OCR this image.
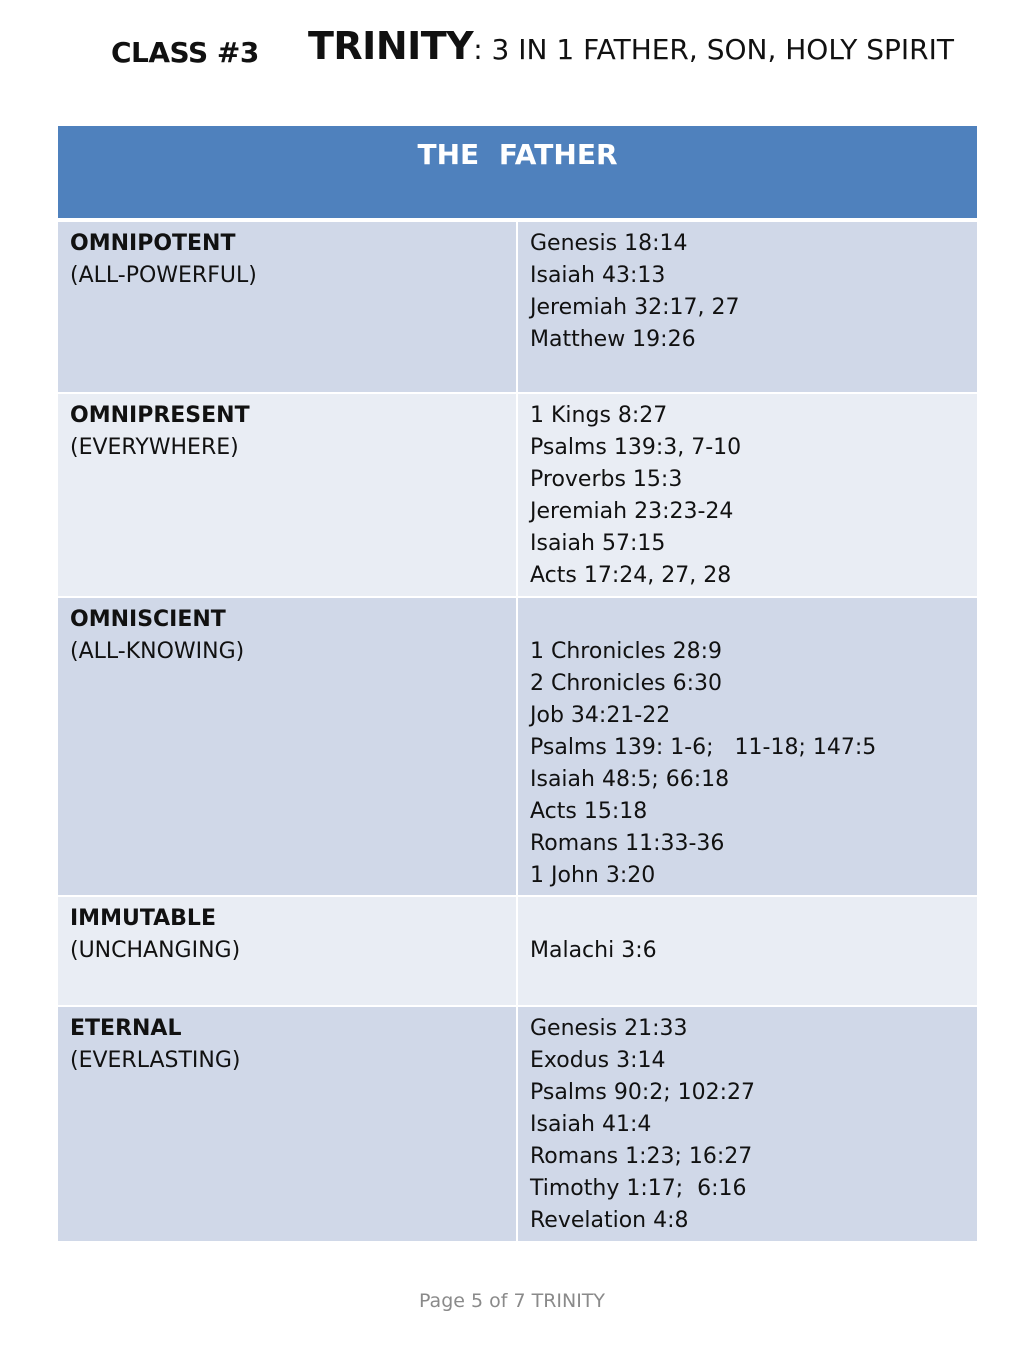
CLASS #3 TRINITY: 3 IN 1 FATHER, SON, HOLY SPIRIT
THE FATHER
OMNIPOTENT
(ALL-POWERFUL)
Genesis 18:14
Isaiah 43:13
Jeremiah 32:17, 27
Matthew 19:26
OMNIPRESENT
(EVERYWHERE)
1 Kings 8:27
Psalms 139:3, 7-10
Proverbs 15:3
Jeremiah 23:23-24
Isaiah 57:15
Acts 17:24, 27, 28
OMNISCIENT
(ALL-KNOWING)	1 Chronicles 28:9
2 Chronicles 6:30
Job 34:21-22
Psalms 139: 1-6;   11-18; 147:5
Isaiah 48:5; 66:18
Acts 15:18
Romans 11:33-36
1 John 3:20
IMMUTABLE
(UNCHANGING)	Malachi 3:6
ETERNAL
(EVERLASTING)
Genesis 21:33
Exodus 3:14
Psalms 90:2; 102:27
Isaiah 41:4
Romans 1:23; 16:27
Timothy 1:17;  6:16
Revelation 4:8
Page 5 of 7 TRINITY
